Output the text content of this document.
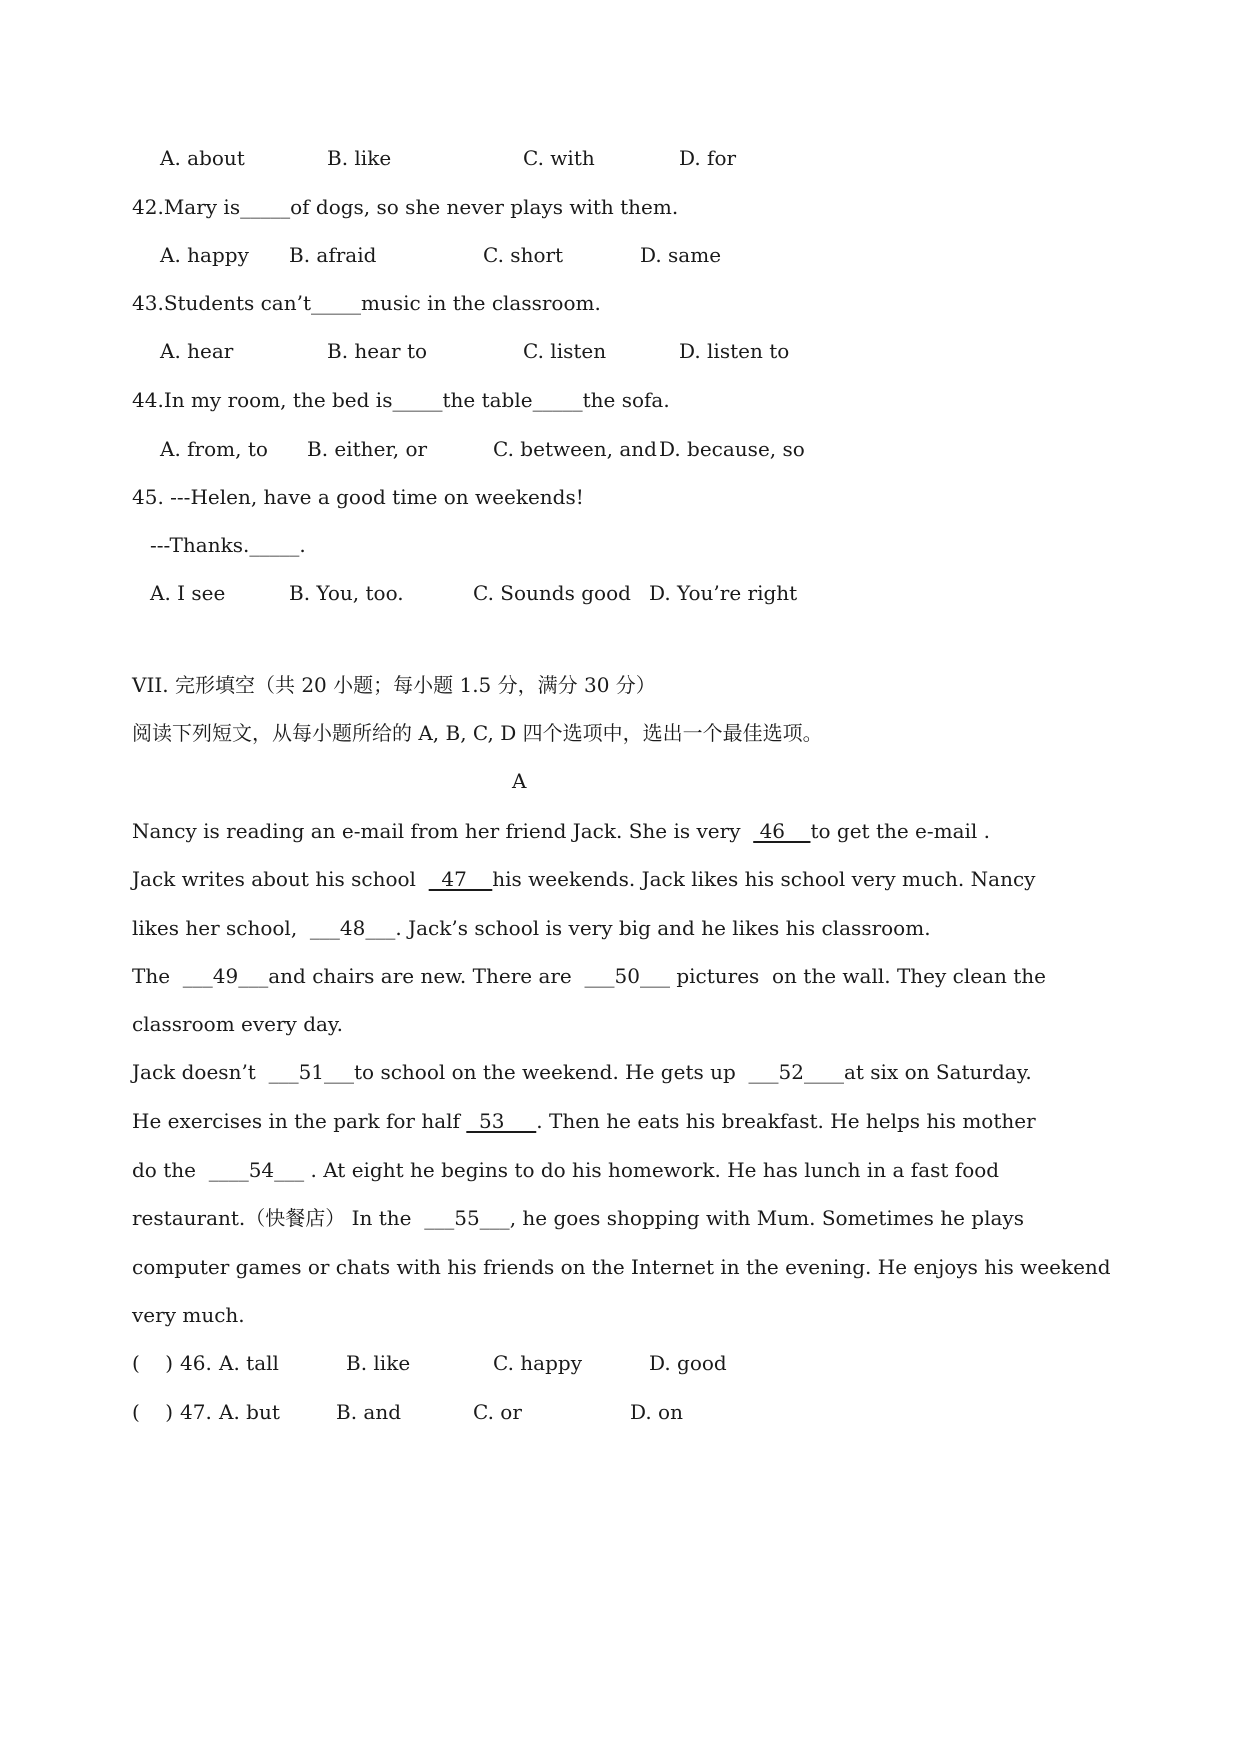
A. about	B. like	C. with	D. for
42.Mary is_____of dogs, so she never plays with them.
A. happy B. afraid	C. short	D. same
43.Students can’t_____music in the classroom.
A. hear	B. hear to	C. listen	D. listen to
44.In my room, the bed is_____the table_____the sofa.
A. from, to B. either, or	C. between, and D. because, so
45. ---Helen, have a good time on weekends!
---Thanks._____.
A. I see	B. You, too.	C. Sounds good D. You’re right
VII. 完形填空（共 20 小题；每小题 1.5 分，满分 30 分）
阅读下列短文，从每小题所给的 A, B, C, D 四个选项中，选出一个最佳选项。
A
Nancy is reading an e-mail from her friend Jack. She is very   46    to get the e-mail .
Jack writes about his school    47    his weekends. Jack likes his school very much. Nancy
likes her school, ___48___. Jack’s school is very big and he likes his classroom.
The ___49___and chairs are new. There are ___50___ pictures  on the wall. They clean the
classroom every day.
Jack doesn’t ___51___to school on the weekend. He gets up ___52____at six on Saturday.
He exercises in the park for half   53     . Then he eats his breakfast. He helps his mother
do the ____54___ . At eight he begins to do his homework. He has lunch in a fast food
restaurant.（快餐店） In the ___55___, he goes shopping with Mum. Sometimes he plays
computer games or chats with his friends on the Internet in the evening. He enjoys his weekend
very much.
(    ) 46. A. tall	B. like	C. happy	D. good
(    ) 47. A. but	B. and	C. or	D. on
